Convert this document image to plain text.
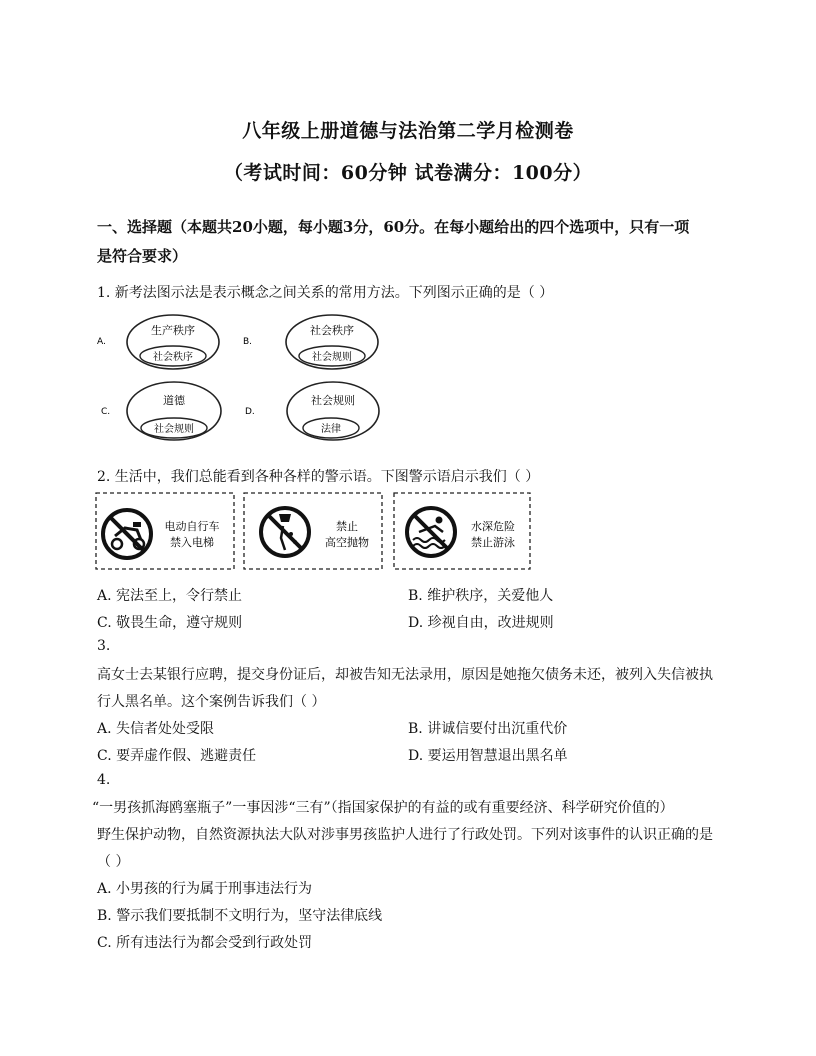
八年级上册道德与法治第二学月检测卷
（考试时间：60分钟 试卷满分：100分）
一、选择题（本题共20小题，每小题3分，60分。在每小题给出的四个选项中，只有一项
是符合要求）
1. 新考法图示法是表示概念之间关系的常用方法。下列图示正确的是（ ）
A.
生产秩序
社会秩序
B.
社会秩序
社会规则
C.
道德
社会规则
D.
社会规则
法律
2. 生活中，我们总能看到各种各样的警示语。下图警示语启示我们（ ）
电动自行车
禁入电梯
禁止
高空抛物
水深危险
禁止游泳
A. 宪法至上，令行禁止	B. 维护秩序，关爱他人
C. 敬畏生命，遵守规则	D. 珍视自由，改进规则
3.
高女士去某银行应聘，提交身份证后，却被告知无法录用，原因是她拖欠债务未还，被列入失信被执
行人黑名单。这个案例告诉我们（ ）
A. 失信者处处受限	B. 讲诚信要付出沉重代价
C. 要弄虚作假、逃避责任	D. 要运用智慧退出黑名单
4.
“一男孩抓海鸥塞瓶子”一事因涉“三有”（指国家保护的有益的或有重要经济、科学研究价值的）
野生保护动物，自然资源执法大队对涉事男孩监护人进行了行政处罚。下列对该事件的认识正确的是
（ ）
A. 小男孩的行为属于刑事违法行为
B. 警示我们要抵制不文明行为，坚守法律底线
C. 所有违法行为都会受到行政处罚
